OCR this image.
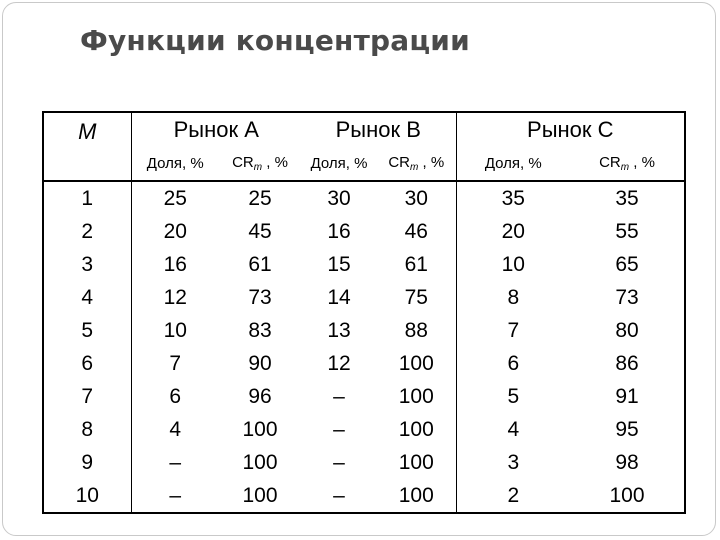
Функции концентрации
M	Рынок A		Рынок B		Рынок C	
	Доля, %	$CR_m$ , %	Доля, %	$CR_m$ , %	Доля, %	$CR_m$ , %
1	25	25	30	30	35	35
2	20	45	16	46	20	55
3	16	61	15	61	10	65
4	12	73	14	75	8	73
5	10	83	13	88	7	80
6	7	90	12	100	6	86
7	6	96	–	100	5	91
8	4	100	–	100	4	95
9	–	100	–	100	3	98
10	–	100	–	100	2	100
